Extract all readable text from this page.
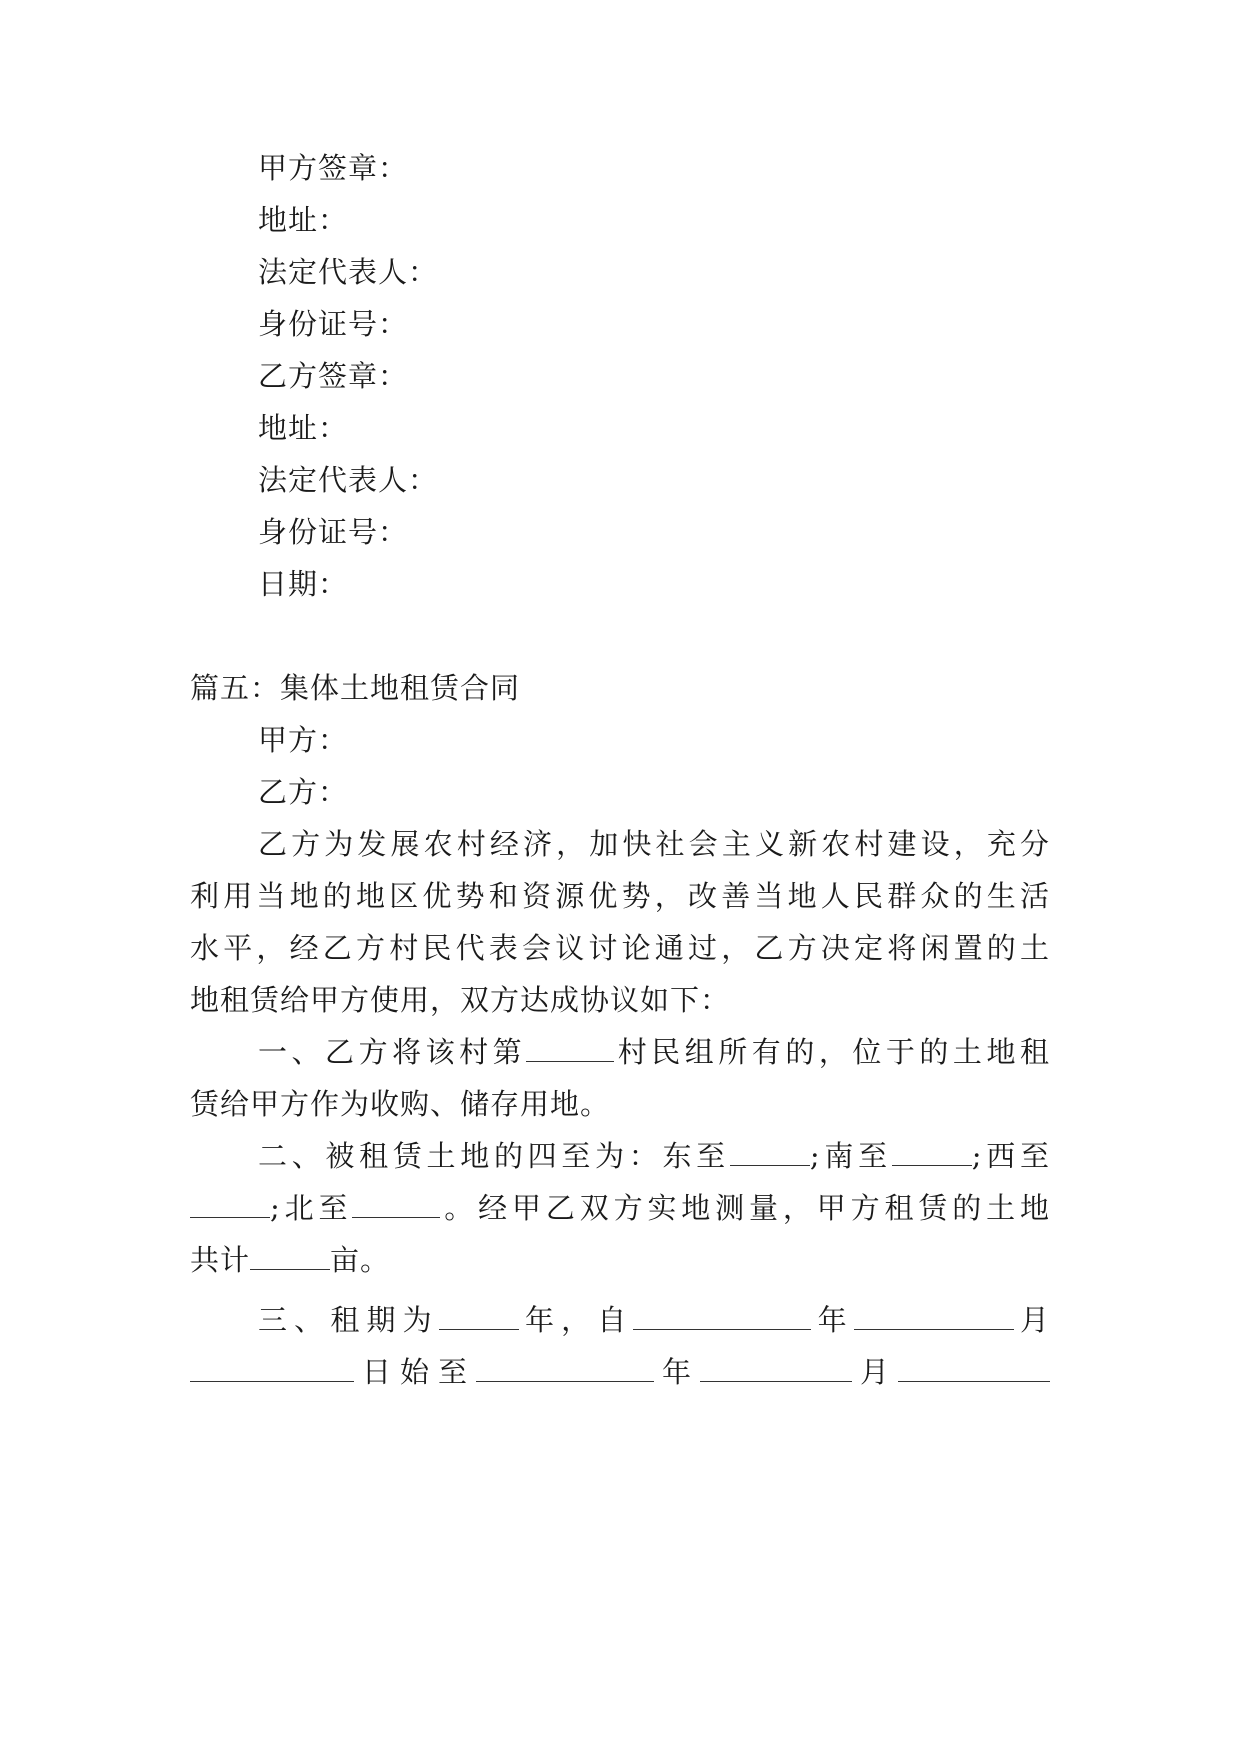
甲方签章：
地址：
法定代表人：
身份证号：
乙方签章：
地址：
法定代表人：
身份证号：
日期：
篇五：集体土地租赁合同
甲方：
乙方：
乙方为发展农村经济，加快社会主义新农村建设，充分
利用当地的地区优势和资源优势，改善当地人民群众的生活
水平，经乙方村民代表会议讨论通过，乙方决定将闲置的土
地租赁给甲方使用，双方达成协议如下：
一、乙方将该村第	村民组所有的，位于的土地租
赁给甲方作为收购、储存用地。
二、被租赁土地的四至为：东至	;南至	;西至
;北至	。经甲乙双方实地测量，甲方租赁的土地
共计	亩。
三、租期为	年，自	年	月
日始至	年	月
